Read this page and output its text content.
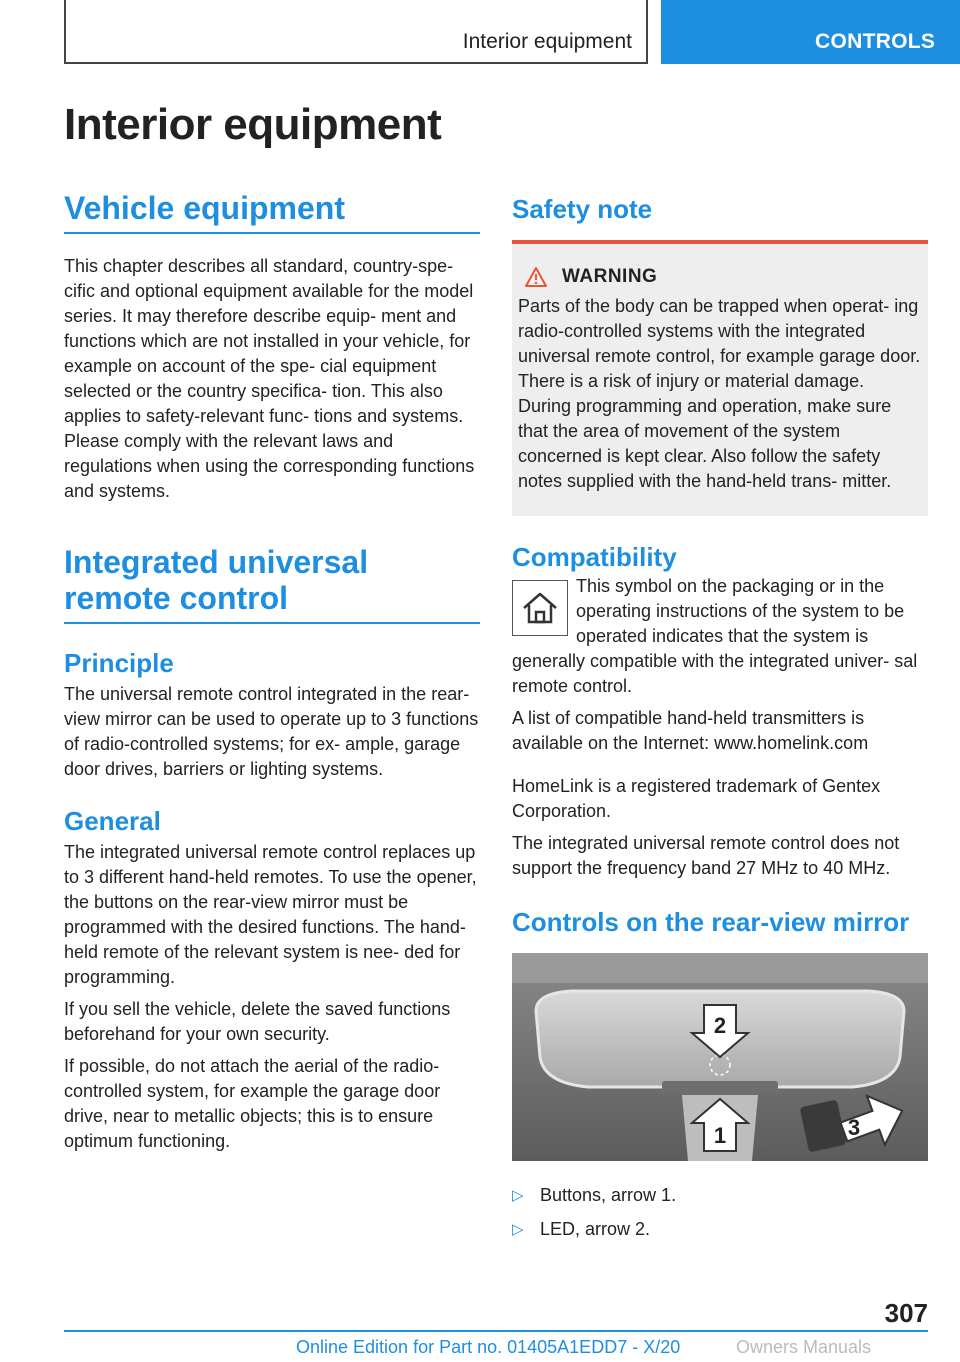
Interior equipment	CONTROLS
Interior equipment
Vehicle equipment

This chapter describes all standard, country-spe‐ cific and optional equipment available for the model series. It may therefore describe equip‐ ment and functions which are not installed in your vehicle, for example on account of the spe‐ cial equipment selected or the country specifica‐ tion. This also applies to safety-relevant func‐ tions and systems. Please comply with the relevant laws and regulations when using the corresponding functions and systems.

Integrated universal remote control
Principle

The universal remote control integrated in the rear-view mirror can be used to operate up to 3 functions of radio-controlled systems; for ex‐ ample, garage door drives, barriers or lighting systems.

General

The integrated universal remote control replaces up to 3 different hand-held remotes. To use the opener, the buttons on the rear-view mirror must be programmed with the desired functions. The hand-held remote of the relevant system is nee‐ ded for programming.

If you sell the vehicle, delete the saved functions beforehand for your own security.

If possible, do not attach the aerial of the radio- controlled system, for example the garage door drive, near to metallic objects; this is to ensure optimum functioning.

Safety note
WARNING

Parts of the body can be trapped when operat‐ ing radio-controlled systems with the integrated universal remote control, for example garage door. There is a risk of injury or material damage. During programming and operation, make sure that the area of movement of the system concerned is kept clear. Also follow the safety notes supplied with the hand-held trans‐ mitter.

Compatibility

This symbol on the packaging or in the operating instructions of the system to be operated indicates that the system is generally compatible with the integrated univer‐ sal remote control.

A list of compatible hand-held transmitters is available on the Internet: www.homelink.com

HomeLink is a registered trademark of Gentex Corporation.

The integrated universal remote control does not support the frequency band 27 MHz to 40 MHz.

Controls on the rear-view mirror
2
1	3
▷ Buttons, arrow 1.
▷ LED, arrow 2.
307
Online Edition for Part no. 01405A1EDD7 - X/20	Owners Manuals
